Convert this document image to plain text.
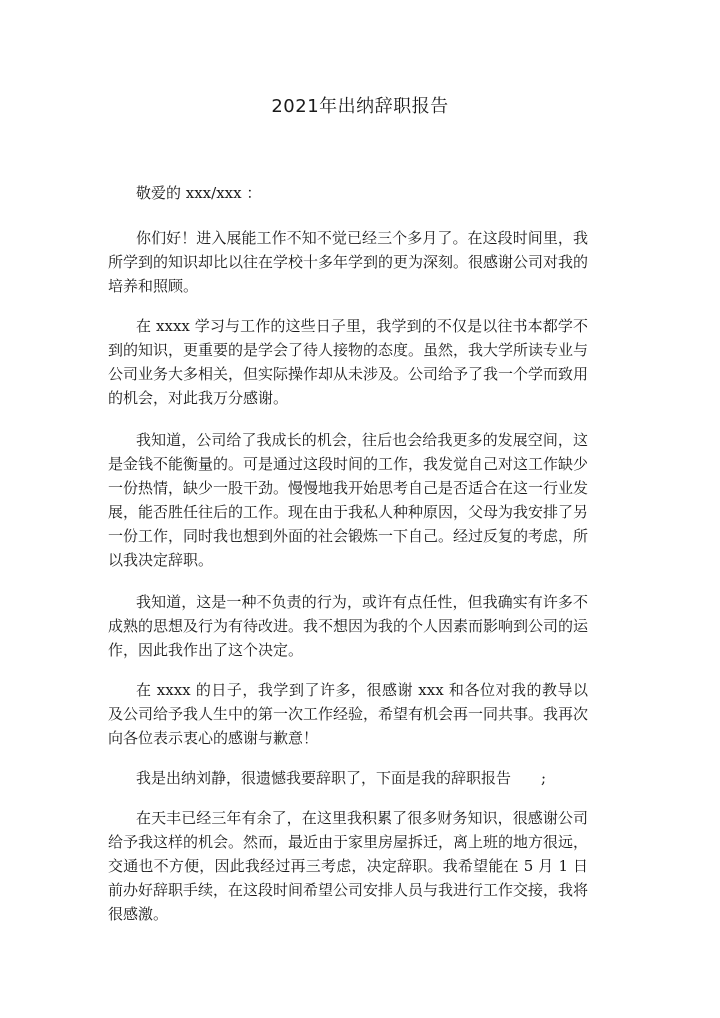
2021年出纳辞职报告

敬爱的 xxx/xxx ：

你们好！进入展能工作不知不觉已经三个多月了。在这段时间里，我所学到的知识却比以往在学校十多年学到的更为深刻。很感谢公司对我的培养和照顾。

在 xxxx 学习与工作的这些日子里，我学到的不仅是以往书本都学不到的知识，更重要的是学会了待人接物的态度。虽然，我大学所读专业与公司业务大多相关，但实际操作却从未涉及。公司给予了我一个学而致用的机会，对此我万分感谢。

我知道，公司给了我成长的机会，往后也会给我更多的发展空间，这是金钱不能衡量的。可是通过这段时间的工作，我发觉自己对这工作缺少一份热情，缺少一股干劲。慢慢地我开始思考自己是否适合在这一行业发展，能否胜任往后的工作。现在由于我私人种种原因，父母为我安排了另一份工作，同时我也想到外面的社会锻炼一下自己。经过反复的考虑，所以我决定辞职。

我知道，这是一种不负责的行为，或许有点任性，但我确实有许多不成熟的思想及行为有待改进。我不想因为我的个人因素而影响到公司的运作，因此我作出了这个决定。

在 xxxx 的日子，我学到了许多，很感谢 xxx 和各位对我的教导以及公司给予我人生中的第一次工作经验，希望有机会再一同共事。我再次向各位表示衷心的感谢与歉意！

我是出纳刘静，很遗憾我要辞职了，下面是我的辞职报告　　;

在天丰已经三年有余了，在这里我积累了很多财务知识，很感谢公司给予我这样的机会。然而，最近由于家里房屋拆迁，离上班的地方很远，交通也不方便，因此我经过再三考虑，决定辞职。我希望能在 5 月 1 日前办好辞职手续，在这段时间希望公司安排人员与我进行工作交接，我将很感激。
